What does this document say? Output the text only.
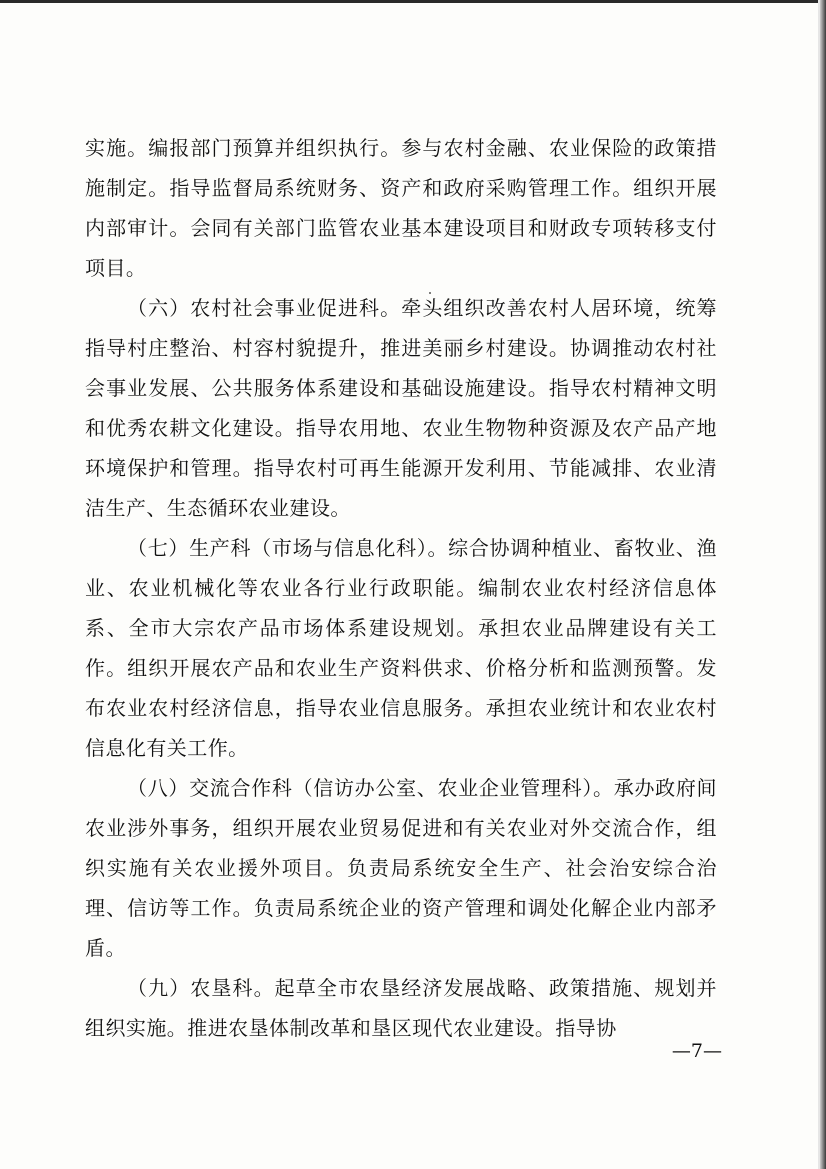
实施。编报部门预算并组织执行。参与农村金融、农业保险的政策措施制定。指导监督局系统财务、资产和政府采购管理工作。组织开展内部审计。会同有关部门监管农业基本建设项目和财政专项转移支付项目。

（六）农村社会事业促进科。牵头组织改善农村人居环境，统筹指导村庄整治、村容村貌提升，推进美丽乡村建设。协调推动农村社会事业发展、公共服务体系建设和基础设施建设。指导农村精神文明和优秀农耕文化建设。指导农用地、农业生物物种资源及农产品产地环境保护和管理。指导农村可再生能源开发利用、节能减排、农业清洁生产、生态循环农业建设。

（七）生产科（市场与信息化科）。综合协调种植业、畜牧业、渔业、农业机械化等农业各行业行政职能。编制农业农村经济信息体系、全市大宗农产品市场体系建设规划。承担农业品牌建设有关工作。组织开展农产品和农业生产资料供求、价格分析和监测预警。发布农业农村经济信息，指导农业信息服务。承担农业统计和农业农村信息化有关工作。

（八）交流合作科（信访办公室、农业企业管理科）。承办政府间农业涉外事务，组织开展农业贸易促进和有关农业对外交流合作，组织实施有关农业援外项目。负责局系统安全生产、社会治安综合治理、信访等工作。负责局系统企业的资产管理和调处化解企业内部矛盾。

（九）农垦科。起草全市农垦经济发展战略、政策措施、规划并组织实施。推进农垦体制改革和垦区现代农业建设。指导协

—7—
